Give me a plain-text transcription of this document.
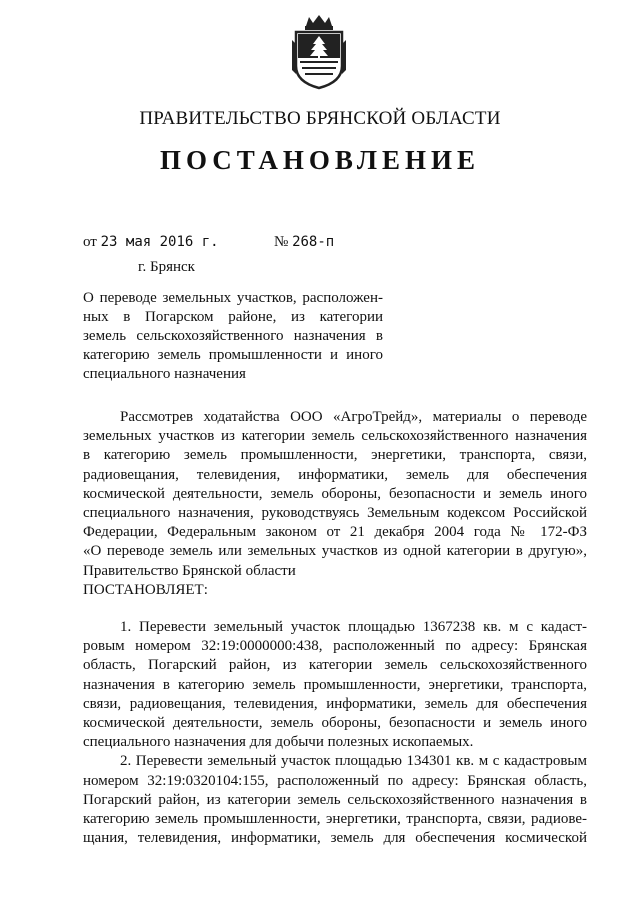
ПРАВИТЕЛЬСТВО БРЯНСКОЙ ОБЛАСТИ
ПОСТАНОВЛЕНИЕ
от 23 мая 2016 г.	№ 268-п
г. Брянск
О переводе земельных участков, расположен-
ных в Погарском районе, из категории
земель сельскохозяйственного назначения в
категорию земель промышленности и иного
специального назначения
Рассмотрев ходатайства ООО «АгроТрейд», материалы о переводе
земельных участков из категории земель сельскохозяйственного назначения
в категорию земель промышленности, энергетики, транспорта, связи,
радиовещания, телевидения, информатики, земель для обеспечения
космической деятельности, земель обороны, безопасности и земель иного
специального назначения, руководствуясь Земельным кодексом Российской
Федерации, Федеральным законом от 21 декабря 2004 года № 172-ФЗ
«О переводе земель или земельных участков из одной категории в другую»,
Правительство Брянской области
ПОСТАНОВЛЯЕТ:
1. Перевести земельный участок площадью 1367238 кв. м с кадаст-
ровым номером 32:19:0000000:438, расположенный по адресу: Брянская
область, Погарский район, из категории земель сельскохозяйственного
назначения в категорию земель промышленности, энергетики, транспорта,
связи, радиовещания, телевидения, информатики, земель для обеспечения
космической деятельности, земель обороны, безопасности и земель иного
специального назначения для добычи полезных ископаемых.
2. Перевести земельный участок площадью 134301 кв. м с кадастровым
номером 32:19:0320104:155, расположенный по адресу: Брянская область,
Погарский район, из категории земель сельскохозяйственного назначения в
категорию земель промышленности, энергетики, транспорта, связи, радиове-
щания, телевидения, информатики, земель для обеспечения космической
